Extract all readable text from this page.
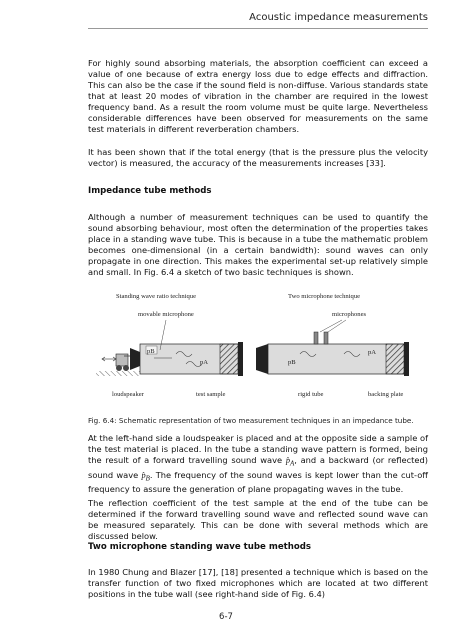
Acoustic impedance measurements

For highly sound absorbing materials, the absorption coefficient can exceed a value of one because of extra energy loss due to edge effects and diffraction. This can also be the case if the sound field is non-diffuse. Various standards state that at least 20 modes of vibration in the chamber are required in the lowest frequency band. As a result the room volume must be quite large. Nevertheless considerable differences have been observed for measurements on the same test materials in different reverberation chambers.

It has been shown that if the total energy (that is the pressure plus the velocity vector) is measured, the accuracy of the measurements increases [33].

Impedance tube methods

Although a number of measurement techniques can be used to quantify the sound absorbing behaviour, most often the determination of the properties takes place in a standing wave tube. This is because in a tube the mathematic problem becomes one-dimensional (in a certain bandwidth): sound waves can only propagate in one direction. This makes the experimental set-up relatively simple and small. In Fig. 6.4 a sketch of two basic techniques is shown.

Standing wave ratio technique	Two microphone technique
movable microphone	microphones
pB
pA	pB
pA
loudspeaker	test sample	rigid tube	backing plate
Fig. 6.4: Schematic representation of two measurement techniques in an impedance tube.

At the left-hand side a loudspeaker is placed and at the opposite side a sample of the test material is placed. In the tube a standing wave pattern is formed, being the result of a forward travelling sound wave $p̂_A$, and a backward (or reflected) sound wave $p̂_B$. The frequency of the sound waves is kept lower than the cut-off frequency to assure the generation of plane propagating waves in the tube.

The reflection coefficient of the test sample at the end of the tube can be determined if the forward travelling sound wave and reflected sound wave can be measured separately. This can be done with several methods which are discussed below.

Two microphone standing wave tube methods

In 1980 Chung and Blazer [17], [18] presented a technique which is based on the transfer function of two fixed microphones which are located at two different positions in the tube wall (see right-hand side of Fig. 6.4)

6-7
